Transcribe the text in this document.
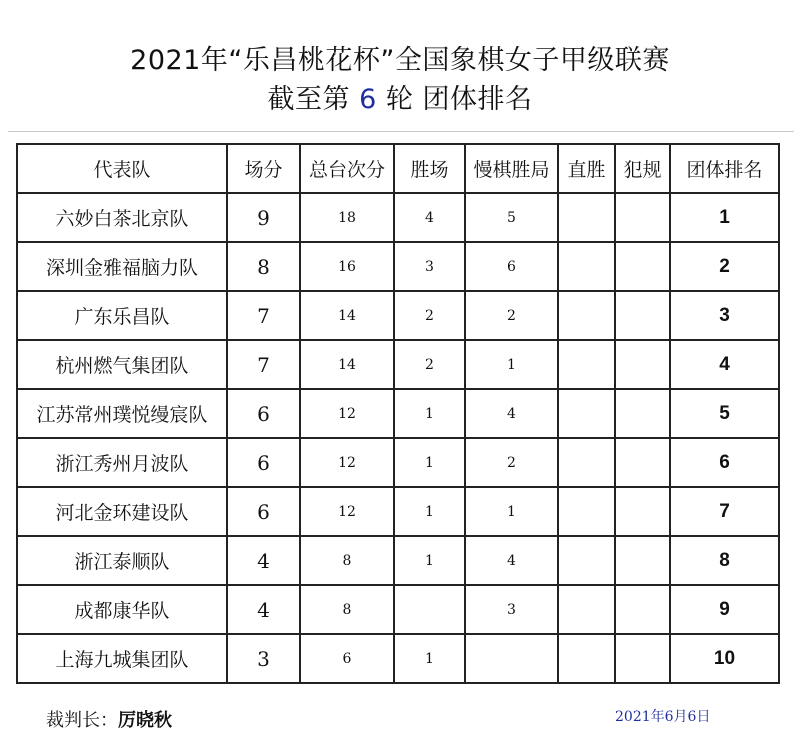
2021年“乐昌桃花杯”全国象棋女子甲级联赛
截至第 6 轮 团体排名
代表队	场分	总台次分	胜场	慢棋胜局	直胜	犯规	团体排名
六妙白茶北京队	9	18	4	5			1
深圳金雅福脑力队	8	16	3	6			2
广东乐昌队	7	14	2	2			3
杭州燃气集团队	7	14	2	1			4
江苏常州璞悦缦宸队	6	12	1	4			5
浙江秀州月波队	6	12	1	2			6
河北金环建设队	6	12	1	1			7
浙江泰顺队	4	8	1	4			8
成都康华队	4	8		3			9
上海九城集团队	3	6	1				10
裁判长：厉晓秋	2021年6月6日
